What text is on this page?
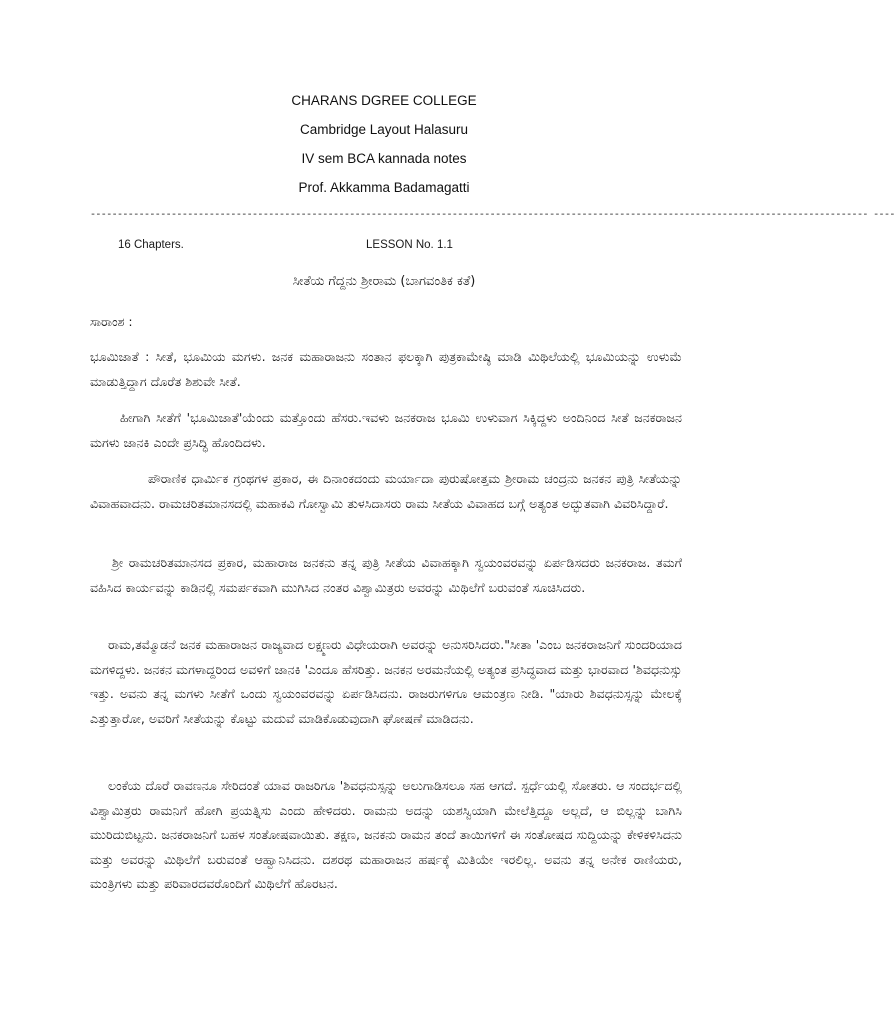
CHARANS DGREE COLLEGE
Cambridge Layout Halasuru
IV sem BCA kannada notes
Prof. Akkamma Badamagatti
------------------------------------------------------------------------------------------------------------------------------------------------ ----
16 Chapters.	LESSON No. 1.1
ಸೀತೆಯ ಗೆದ್ದನು ಶ್ರೀರಾಮ (ಬಾಗವಂತಿಕ ಕತೆ)
ಸಾರಾಂಶ :

ಭೂಮಿಜಾತೆ : ಸೀತೆ, ಭೂಮಿಯ ಮಗಳು. ಜನಕ ಮಹಾರಾಜನು ಸಂತಾನ ಫಲಕ್ಕಾಗಿ ಪುತ್ರಕಾಮೇಷ್ಠಿ ಮಾಡಿ ಮಿಥಿಲೆಯಲ್ಲಿ ಭೂಮಿಯನ್ನು ಉಳುಮೆ ಮಾಡುತ್ತಿದ್ದಾಗ ದೊರೆತ ಶಿಶುವೇ ಸೀತೆ.

ಹೀಗಾಗಿ ಸೀತೆಗೆ 'ಭೂಮಿಜಾತೆ'ಯೆಂದು ಮತ್ತೊಂದು ಹೆಸರು.ಇವಳು ಜನಕರಾಜ ಭೂಮಿ ಉಳುವಾಗ ಸಿಕ್ಕಿದ್ದಳು ಅಂದಿನಿಂದ ಸೀತೆ ಜನಕರಾಜನ ಮಗಳು ಜಾನಕಿ ಎಂದೇ ಪ್ರಸಿದ್ಧಿ ಹೊಂದಿದಳು.

ಪೌರಾಣಿಕ ಧಾರ್ಮಿಕ ಗ್ರಂಥಗಳ ಪ್ರಕಾರ, ಈ ದಿನಾಂಕದಂದು ಮರ್ಯಾದಾ ಪುರುಷೋತ್ತಮ ಶ್ರೀರಾಮ ಚಂದ್ರನು ಜನಕನ ಪುತ್ರಿ ಸೀತೆಯನ್ನು ವಿವಾಹವಾದನು. ರಾಮಚರಿತಮಾನಸದಲ್ಲಿ ಮಹಾಕವಿ ಗೋಸ್ವಾಮಿ ತುಳಸಿದಾಸರು ರಾಮ ಸೀತೆಯ ವಿವಾಹದ ಬಗ್ಗೆ ಅತ್ಯಂತ ಅದ್ಭುತವಾಗಿ ವಿವರಿಸಿದ್ದಾರೆ.

ಶ್ರೀ ರಾಮಚರಿತಮಾನಸದ ಪ್ರಕಾರ, ಮಹಾರಾಜ ಜನಕನು ತನ್ನ ಪುತ್ರಿ ಸೀತೆಯ ವಿವಾಹಕ್ಕಾಗಿ ಸ್ವಯಂವರವನ್ನು ಏರ್ಪಡಿಸದರು ಜನಕರಾಜ. ತಮಗೆ ವಹಿಸಿದ ಕಾರ್ಯವನ್ನು ಕಾಡಿನಲ್ಲಿ ಸಮರ್ಪಕವಾಗಿ ಮುಗಿಸಿದ ನಂತರ ವಿಶ್ವಾಮಿತ್ರರು ಅವರನ್ನು ಮಿಥಿಲೆಗೆ ಬರುವಂತೆ ಸೂಚಿಸಿದರು.

ರಾಮ,ತಮ್ಮೊಡನೆ ಜನಕ ಮಹಾರಾಜನ ರಾಜ್ಯವಾದ ಲಕ್ಷ್ಮಣರು ವಿಧೇಯರಾಗಿ ಅವರನ್ನು ಅನುಸರಿಸಿದರು."ಸೀತಾ 'ಎಂಬ ಜನಕರಾಜನಿಗೆ ಸುಂದರಿಯಾದ ಮಗಳಿದ್ದಳು. ಜನಕನ ಮಗಳಾದ್ದರಿಂದ ಅವಳಿಗೆ ಜಾನಕಿ 'ಎಂದೂ ಹೆಸರಿತ್ತು. ಜನಕನ ಅರಮನೆಯಲ್ಲಿ ಅತ್ಯಂತ ಪ್ರಸಿದ್ಧವಾದ ಮತ್ತು ಭಾರವಾದ 'ಶಿವಧನುಸ್ಸು ಇತ್ತು. ಅವನು ತನ್ನ ಮಗಳು ಸೀತೆಗೆ ಒಂದು ಸ್ವಯಂವರವನ್ನು ಏರ್ಪಡಿಸಿದನು. ರಾಜರುಗಳಿಗೂ ಆಮಂತ್ರಣ ನೀಡಿ. "ಯಾರು ಶಿವಧನುಸ್ಸನ್ನು ಮೇಲಕ್ಕೆ ಎತ್ತುತ್ತಾರೋ, ಅವರಿಗೆ ಸೀತೆಯನ್ನು ಕೊಟ್ಟು ಮದುವೆ ಮಾಡಿಕೊಡುವುದಾಗಿ ಘೋಷಣೆ ಮಾಡಿದನು.

ಲಂಕೆಯ ದೊರೆ ರಾವಣನೂ ಸೇರಿದಂತೆ ಯಾವ ರಾಜರಿಗೂ 'ಶಿವಧನುಸ್ಸನ್ನು ಅಲುಗಾಡಿಸಲೂ ಸಹ ಆಗದೆ. ಸ್ಪರ್ಧೆಯಲ್ಲಿ ಸೋತರು. ಆ ಸಂದರ್ಭದಲ್ಲಿ ವಿಶ್ವಾಮಿತ್ರರು ರಾಮನಿಗೆ ಹೋಗಿ ಪ್ರಯತ್ನಿಸು ಎಂದು ಹೇಳಿದರು. ರಾಮನು ಅದನ್ನು ಯಶಸ್ವಿಯಾಗಿ ಮೇಲೆತ್ತಿದ್ದೂ ಅಲ್ಲದೆ, ಆ ಬಿಲ್ಲನ್ನು ಬಾಗಿಸಿ ಮುರಿದುಬಿಟ್ಟನು. ಜನಕರಾಜನಿಗೆ ಬಹಳ ಸಂತೋಷವಾಯಿತು. ತಕ್ಷಣ, ಜನಕನು ರಾಮನ ತಂದೆ ತಾಯಿಗಳಿಗೆ ಈ ಸಂತೋಷದ ಸುದ್ದಿಯನ್ನು ಕೇಳಿಕಳಿಸಿದನು ಮತ್ತು ಅವರನ್ನು ಮಿಥಿಲೆಗೆ ಬರುವಂತೆ ಆಹ್ವಾನಿಸಿದನು. ದಶರಥ ಮಹಾರಾಜನ ಹರ್ಷಕ್ಕೆ ಮಿತಿಯೇ ಇರಲಿಲ್ಲ. ಅವನು ತನ್ನ ಅನೇಕ ರಾಣಿಯರು, ಮಂತ್ರಿಗಳು ಮತ್ತು ಪರಿವಾರದವರೊಂದಿಗೆ ಮಿಥಿಲೆಗೆ ಹೊರಟನ.
